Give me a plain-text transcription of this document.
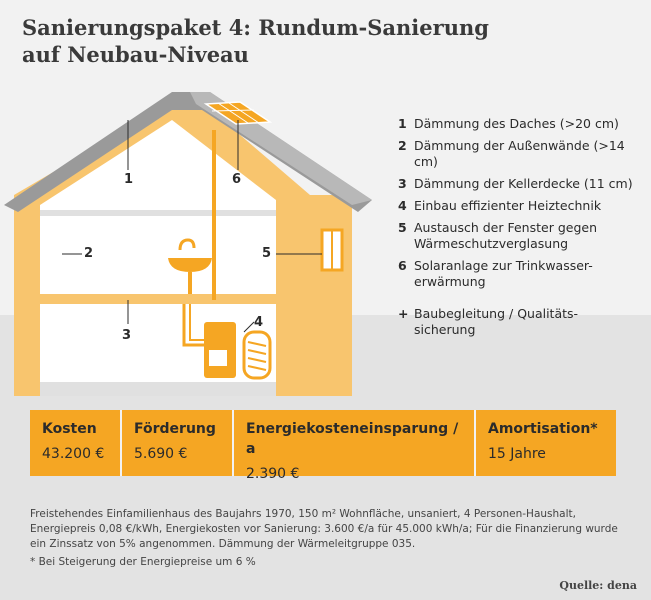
Sanierungspaket 4: Rundum-Sanierung
auf Neubau-Niveau
1
2
3
4
5
6
1 Dämmung des Daches (>20 cm)
2 Dämmung der Außenwände (>14 cm)
3 Dämmung der Kellerdecke (11 cm)
4 Einbau effizienter Heiztechnik
5 Austausch der Fenster gegen Wärmeschutzverglasung
6 Solaranlage zur Trinkwasser-erwärmung
+ Baubegleitung / Qualitäts-sicherung
Kosten
43.200 €
Förderung
5.690 €
Energiekosteneinsparung / a
2.390 €
Amortisation*
15 Jahre
Freistehendes Einfamilienhaus des Baujahrs 1970, 150 m² Wohnfläche, unsaniert, 4 Personen-Haushalt, Energiepreis 0,08 €/kWh, Energiekosten vor Sanierung: 3.600 €/a für 45.000 kWh/a; Für die Finanzierung wurde ein Zinssatz von 5% angenommen. Dämmung der Wärmeleitgruppe 035.
* Bei Steigerung der Energiepreise um 6 %
Quelle: dena
